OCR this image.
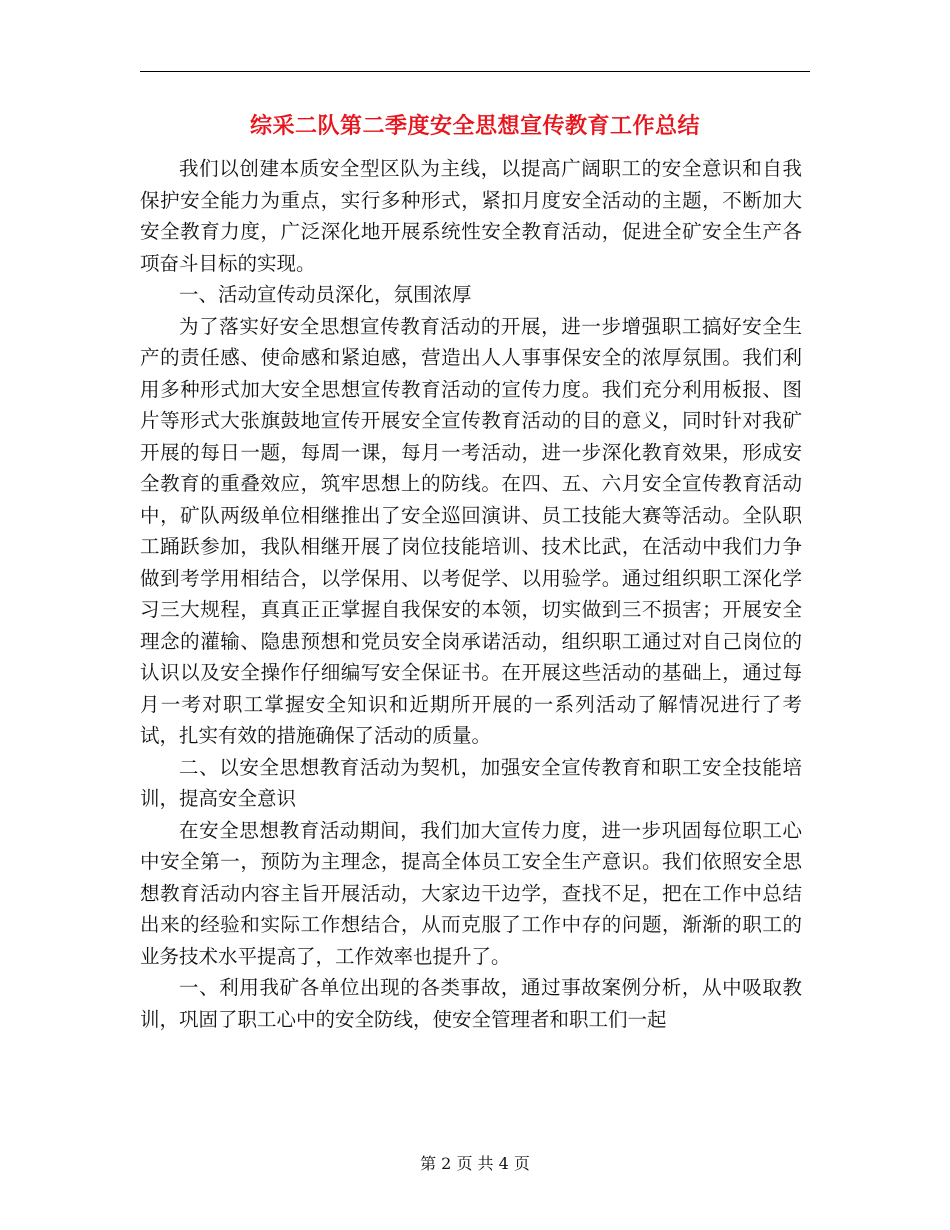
综采二队第二季度安全思想宣传教育工作总结

我们以创建本质安全型区队为主线，以提高广阔职工的安全意识和自我保护安全能力为重点，实行多种形式，紧扣月度安全活动的主题，不断加大安全教育力度，广泛深化地开展系统性安全教育活动，促进全矿安全生产各项奋斗目标的实现。

一、活动宣传动员深化，氛围浓厚

为了落实好安全思想宣传教育活动的开展，进一步增强职工搞好安全生产的责任感、使命感和紧迫感，营造出人人事事保安全的浓厚氛围。我们利用多种形式加大安全思想宣传教育活动的宣传力度。我们充分利用板报、图片等形式大张旗鼓地宣传开展安全宣传教育活动的目的意义，同时针对我矿开展的每日一题，每周一课，每月一考活动，进一步深化教育效果，形成安全教育的重叠效应，筑牢思想上的防线。在四、五、六月安全宣传教育活动中，矿队两级单位相继推出了安全巡回演讲、员工技能大赛等活动。全队职工踊跃参加，我队相继开展了岗位技能培训、技术比武，在活动中我们力争做到考学用相结合，以学保用、以考促学、以用验学。通过组织职工深化学习三大规程，真真正正掌握自我保安的本领，切实做到三不损害；开展安全理念的灌输、隐患预想和党员安全岗承诺活动，组织职工通过对自己岗位的认识以及安全操作仔细编写安全保证书。在开展这些活动的基础上，通过每月一考对职工掌握安全知识和近期所开展的一系列活动了解情况进行了考试，扎实有效的措施确保了活动的质量。

二、以安全思想教育活动为契机，加强安全宣传教育和职工安全技能培训，提高安全意识

在安全思想教育活动期间，我们加大宣传力度，进一步巩固每位职工心中安全第一，预防为主理念，提高全体员工安全生产意识。我们依照安全思想教育活动内容主旨开展活动，大家边干边学，查找不足，把在工作中总结出来的经验和实际工作想结合，从而克服了工作中存的问题，渐渐的职工的业务技术水平提高了，工作效率也提升了。

一、利用我矿各单位出现的各类事故，通过事故案例分析，从中吸取教训，巩固了职工心中的安全防线，使安全管理者和职工们一起

第 2 页 共 4 页
